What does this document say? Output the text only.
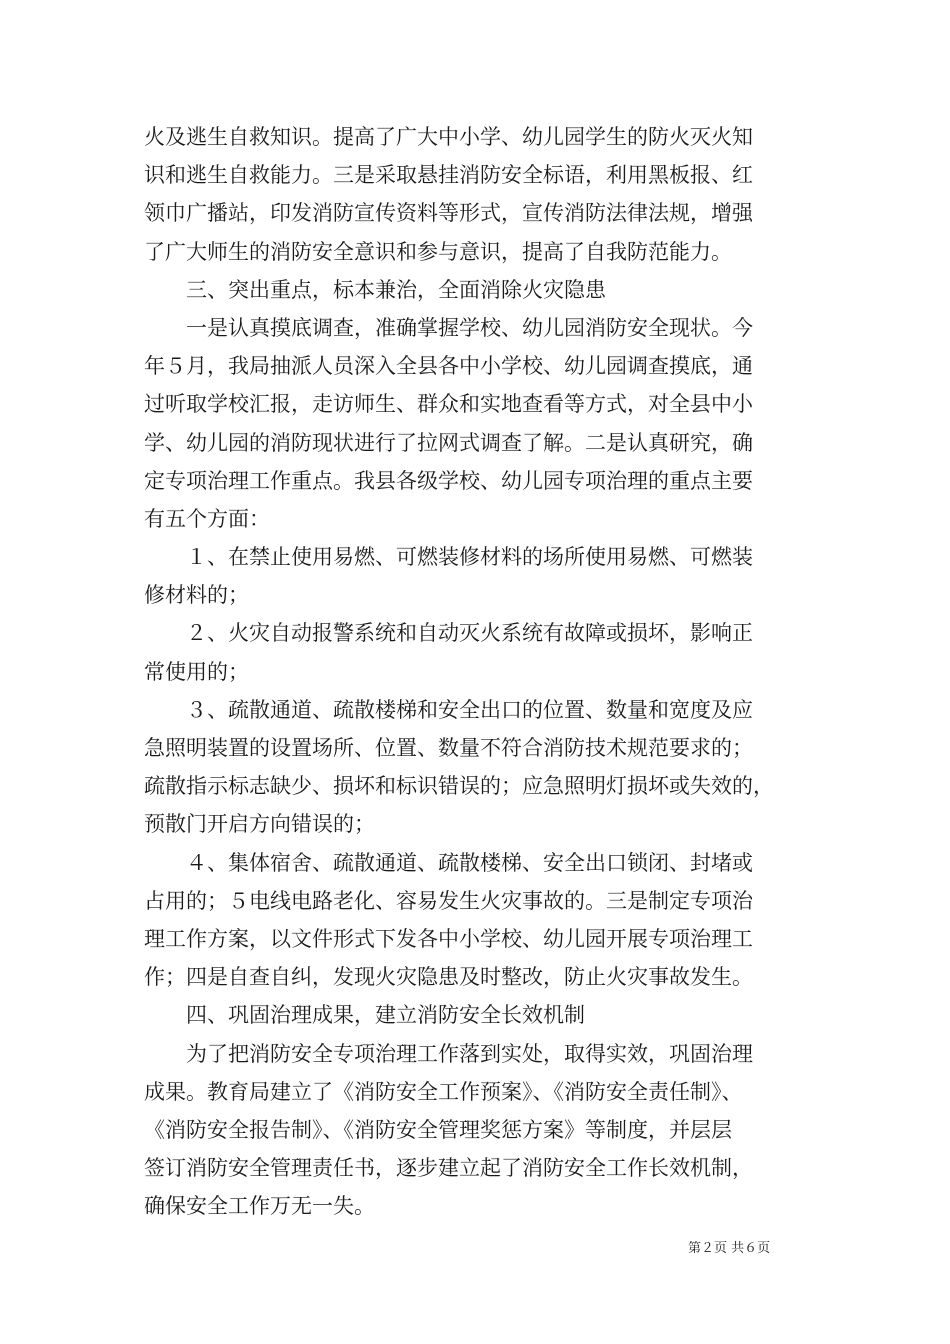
火及逃生自救知识。提高了广大中小学、幼儿园学生的防火灭火知
识和逃生自救能力。三是采取悬挂消防安全标语，利用黑板报、红
领巾广播站，印发消防宣传资料等形式，宣传消防法律法规，增强
了广大师生的消防安全意识和参与意识，提高了自我防范能力。
　　三、突出重点，标本兼治，全面消除火灾隐患
　　一是认真摸底调查，准确掌握学校、幼儿园消防安全现状。今
年５月，我局抽派人员深入全县各中小学校、幼儿园调查摸底，通
过听取学校汇报，走访师生、群众和实地查看等方式，对全县中小
学、幼儿园的消防现状进行了拉网式调查了解。二是认真研究，确
定专项治理工作重点。我县各级学校、幼儿园专项治理的重点主要
有五个方面：
　　１、在禁止使用易燃、可燃装修材料的场所使用易燃、可燃装
修材料的；
　　２、火灾自动报警系统和自动灭火系统有故障或损坏，影响正
常使用的；
　　３、疏散通道、疏散楼梯和安全出口的位置、数量和宽度及应
急照明装置的设置场所、位置、数量不符合消防技术规范要求的；
疏散指示标志缺少、损坏和标识错误的；应急照明灯损坏或失效的，
预散门开启方向错误的；
　　４、集体宿舍、疏散通道、疏散楼梯、安全出口锁闭、封堵或
占用的；５电线电路老化、容易发生火灾事故的。三是制定专项治
理工作方案，以文件形式下发各中小学校、幼儿园开展专项治理工
作；四是自查自纠，发现火灾隐患及时整改，防止火灾事故发生。
　　四、巩固治理成果，建立消防安全长效机制
　　为了把消防安全专项治理工作落到实处，取得实效，巩固治理
成果。教育局建立了《消防安全工作预案》、《消防安全责任制》、
《消防安全报告制》、《消防安全管理奖惩方案》等制度，并层层
签订消防安全管理责任书，逐步建立起了消防安全工作长效机制，
确保安全工作万无一失。
第２页 共６页
